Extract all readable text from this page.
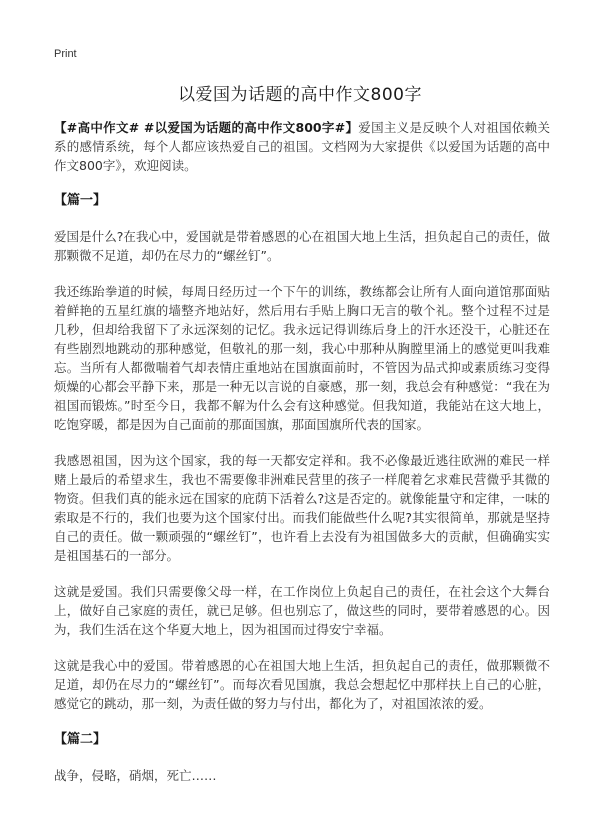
Print
以爱国为话题的高中作文800字

【#高中作文# #以爱国为话题的高中作文800字#】爱国主义是反映个人对祖国依赖关系的感情系统，每个人都应该热爱自己的祖国。文档网为大家提供《以爱国为话题的高中作文800字》，欢迎阅读。

【篇一】

爱国是什么?在我心中，爱国就是带着感恩的心在祖国大地上生活，担负起自己的责任，做那颗微不足道，却仍在尽力的“螺丝钉”。

我还练跆拳道的时候，每周日经历过一个下午的训练，教练都会让所有人面向道馆那面贴着鲜艳的五星红旗的墙整齐地站好，然后用右手贴上胸口无言的敬个礼。整个过程不过是几秒，但却给我留下了永远深刻的记忆。我永远记得训练后身上的汗水还没干，心脏还在有些剧烈地跳动的那种感觉，但敬礼的那一刻，我心中那种从胸膛里涌上的感觉更叫我难忘。当所有人都微喘着气却表情庄重地站在国旗面前时，不管因为品式抑或素质练习变得烦燥的心都会平静下来，那是一种无以言说的自豪感，那一刻，我总会有种感觉：“我在为祖国而锻炼。”时至今日，我都不解为什么会有这种感觉。但我知道，我能站在这大地上，吃饱穿暖，都是因为自己面前的那面国旗，那面国旗所代表的国家。

我感恩祖国，因为这个国家，我的每一天都安定祥和。我不必像最近逃往欧洲的难民一样赌上最后的希望求生，我也不需要像非洲难民营里的孩子一样爬着乞求难民营微乎其微的物资。但我们真的能永远在国家的庇荫下活着么?这是否定的。就像能量守和定律，一味的索取是不行的，我们也要为这个国家付出。而我们能做些什么呢?其实很简单，那就是坚持自己的责任。做一颗顽强的“螺丝钉”，也许看上去没有为祖国做多大的贡献，但确确实实是祖国基石的一部分。

这就是爱国。我们只需要像父母一样，在工作岗位上负起自己的责任，在社会这个大舞台上，做好自己家庭的责任，就已足够。但也别忘了，做这些的同时，要带着感恩的心。因为，我们生活在这个华夏大地上，因为祖国而过得安宁幸福。

这就是我心中的爱国。带着感恩的心在祖国大地上生活，担负起自己的责任，做那颗微不足道，却仍在尽力的“螺丝钉”。而每次看见国旗，我总会想起忆中那样扶上自己的心脏，感觉它的跳动，那一刻，为责任做的努力与付出，都化为了，对祖国浓浓的爱。

【篇二】

战争，侵略，硝烟，死亡……
